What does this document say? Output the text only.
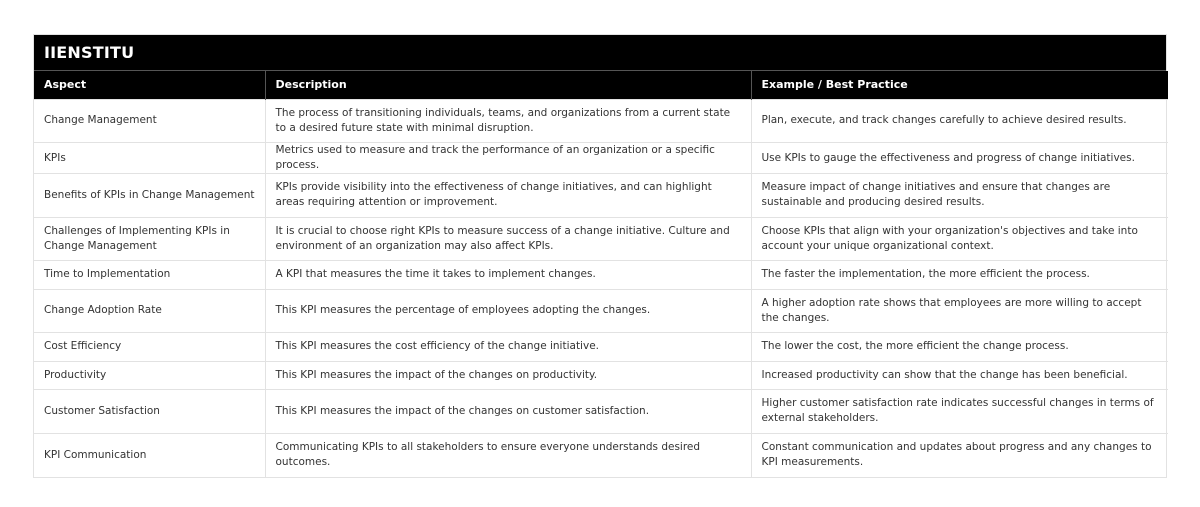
IIENSTITU
Aspect	Description	Example / Best Practice
Change Management	The process of transitioning individuals, teams, and organizations from a current state to a desired future state with minimal disruption.	Plan, execute, and track changes carefully to achieve desired results.
KPIs	Metrics used to measure and track the performance of an organization or a specific process.	Use KPIs to gauge the effectiveness and progress of change initiatives.
Benefits of KPIs in Change Management	KPIs provide visibility into the effectiveness of change initiatives, and can highlight areas requiring attention or improvement.	Measure impact of change initiatives and ensure that changes are sustainable and producing desired results.
Challenges of Implementing KPIs in Change Management	It is crucial to choose right KPIs to measure success of a change initiative. Culture and environment of an organization may also affect KPIs.	Choose KPIs that align with your organization's objectives and take into account your unique organizational context.
Time to Implementation	A KPI that measures the time it takes to implement changes.	The faster the implementation, the more efficient the process.
Change Adoption Rate	This KPI measures the percentage of employees adopting the changes.	A higher adoption rate shows that employees are more willing to accept the changes.
Cost Efficiency	This KPI measures the cost efficiency of the change initiative.	The lower the cost, the more efficient the change process.
Productivity	This KPI measures the impact of the changes on productivity.	Increased productivity can show that the change has been beneficial.
Customer Satisfaction	This KPI measures the impact of the changes on customer satisfaction.	Higher customer satisfaction rate indicates successful changes in terms of external stakeholders.
KPI Communication	Communicating KPIs to all stakeholders to ensure everyone understands desired outcomes.	Constant communication and updates about progress and any changes to KPI measurements.
